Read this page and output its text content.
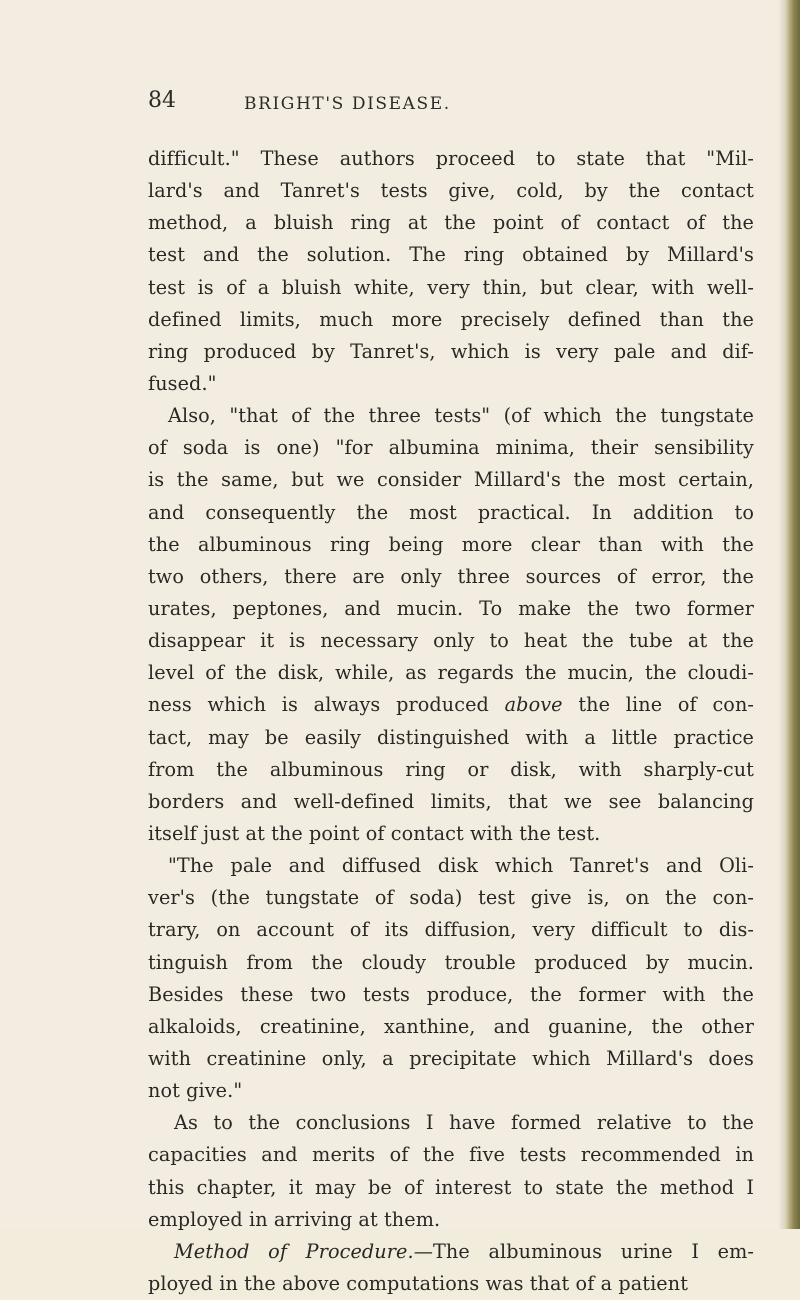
84	BRIGHT'S DISEASE.
difficult." These authors proceed to state that "Mil-
lard's and Tanret's tests give, cold, by the contact
method, a bluish ring at the point of contact of the
test and the solution. The ring obtained by Millard's
test is of a bluish white, very thin, but clear, with well-
defined limits, much more precisely defined than the
ring produced by Tanret's, which is very pale and dif-
fused."
Also, "that of the three tests" (of which the tungstate
of soda is one) "for albumina minima, their sensibility
is the same, but we consider Millard's the most certain,
and consequently the most practical. In addition to
the albuminous ring being more clear than with the
two others, there are only three sources of error, the
urates, peptones, and mucin. To make the two former
disappear it is necessary only to heat the tube at the
level of the disk, while, as regards the mucin, the cloudi-
ness which is always produced above the line of con-
tact, may be easily distinguished with a little practice
from the albuminous ring or disk, with sharply-cut
borders and well-defined limits, that we see balancing
itself just at the point of contact with the test.
"The pale and diffused disk which Tanret's and Oli-
ver's (the tungstate of soda) test give is, on the con-
trary, on account of its diffusion, very difficult to dis-
tinguish from the cloudy trouble produced by mucin.
Besides these two tests produce, the former with the
alkaloids, creatinine, xanthine, and guanine, the other
with creatinine only, a precipitate which Millard's does
not give."
As to the conclusions I have formed relative to the
capacities and merits of the five tests recommended in
this chapter, it may be of interest to state the method I
employed in arriving at them.
Method of Procedure.—The albuminous urine I em-
ployed in the above computations was that of a patient
